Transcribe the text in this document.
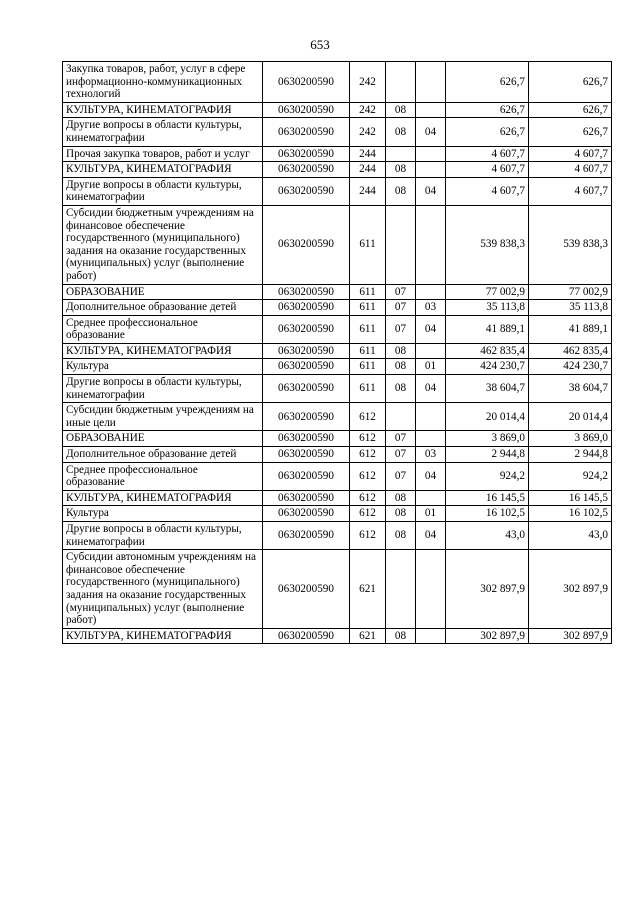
653
Закупка товаров, работ, услуг в сфере информационно-коммуникационных технологий	0630200590	242			626,7	626,7
КУЛЬТУРА, КИНЕМАТОГРАФИЯ	0630200590	242	08		626,7	626,7
Другие вопросы в области культуры, кинематографии	0630200590	242	08	04	626,7	626,7
Прочая закупка товаров, работ и услуг	0630200590	244			4 607,7	4 607,7
КУЛЬТУРА, КИНЕМАТОГРАФИЯ	0630200590	244	08		4 607,7	4 607,7
Другие вопросы в области культуры, кинематографии	0630200590	244	08	04	4 607,7	4 607,7
Субсидии бюджетным учреждениям на финансовое обеспечение государственного (муниципального) задания на оказание государственных (муниципальных) услуг (выполнение работ)	0630200590	611			539 838,3	539 838,3
ОБРАЗОВАНИЕ	0630200590	611	07		77 002,9	77 002,9
Дополнительное образование детей	0630200590	611	07	03	35 113,8	35 113,8
Среднее профессиональное образование	0630200590	611	07	04	41 889,1	41 889,1
КУЛЬТУРА, КИНЕМАТОГРАФИЯ	0630200590	611	08		462 835,4	462 835,4
Культура	0630200590	611	08	01	424 230,7	424 230,7
Другие вопросы в области культуры, кинематографии	0630200590	611	08	04	38 604,7	38 604,7
Субсидии бюджетным учреждениям на иные цели	0630200590	612			20 014,4	20 014,4
ОБРАЗОВАНИЕ	0630200590	612	07		3 869,0	3 869,0
Дополнительное образование детей	0630200590	612	07	03	2 944,8	2 944,8
Среднее профессиональное образование	0630200590	612	07	04	924,2	924,2
КУЛЬТУРА, КИНЕМАТОГРАФИЯ	0630200590	612	08		16 145,5	16 145,5
Культура	0630200590	612	08	01	16 102,5	16 102,5
Другие вопросы в области культуры, кинематографии	0630200590	612	08	04	43,0	43,0
Субсидии автономным учреждениям на финансовое обеспечение государственного (муниципального) задания на оказание государственных (муниципальных) услуг (выполнение работ)	0630200590	621			302 897,9	302 897,9
КУЛЬТУРА, КИНЕМАТОГРАФИЯ	0630200590	621	08		302 897,9	302 897,9
